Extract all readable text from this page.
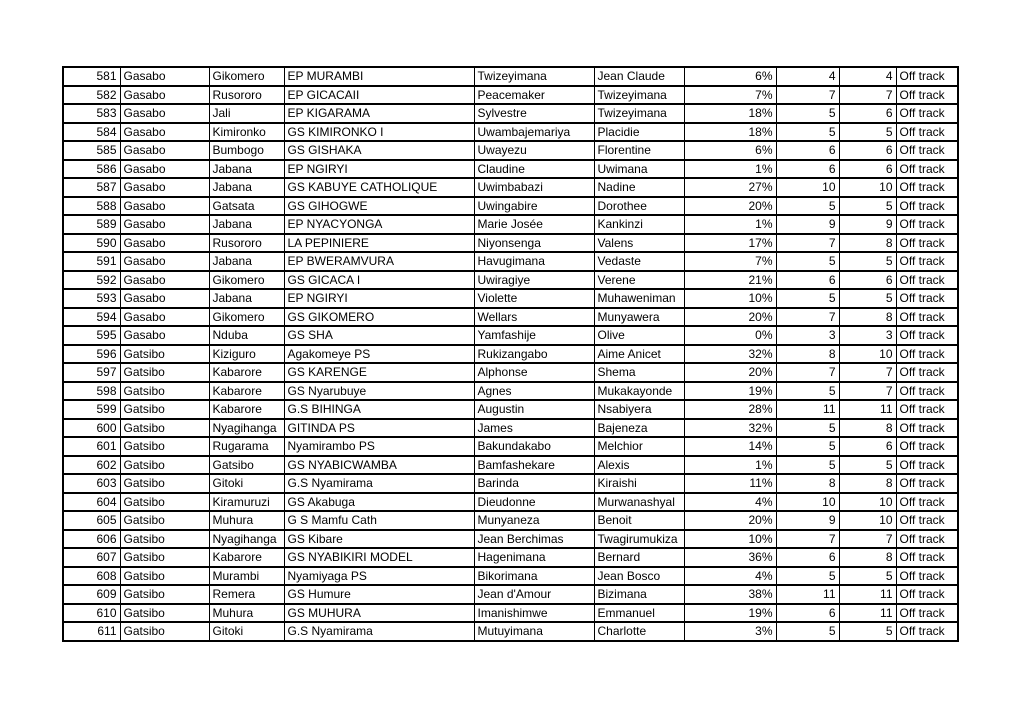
581	Gasabo	Gikomero	EP MURAMBI	Twizeyimana	Jean Claude	6%	4	4	Off track
582	Gasabo	Rusororo	EP GICACAII	Peacemaker	Twizeyimana	7%	7	7	Off track
583	Gasabo	Jali	EP KIGARAMA	Sylvestre	Twizeyimana	18%	5	6	Off track
584	Gasabo	Kimironko	GS KIMIRONKO I	Uwambajemariya	Placidie	18%	5	5	Off track
585	Gasabo	Bumbogo	GS GISHAKA	Uwayezu	Florentine	6%	6	6	Off track
586	Gasabo	Jabana	EP NGIRYI	Claudine	Uwimana	1%	6	6	Off track
587	Gasabo	Jabana	GS KABUYE CATHOLIQUE	Uwimbabazi	Nadine	27%	10	10	Off track
588	Gasabo	Gatsata	GS GIHOGWE	Uwingabire	Dorothee	20%	5	5	Off track
589	Gasabo	Jabana	EP NYACYONGA	Marie Josée	Kankinzi	1%	9	9	Off track
590	Gasabo	Rusororo	LA PEPINIERE	Niyonsenga	Valens	17%	7	8	Off track
591	Gasabo	Jabana	EP BWERAMVURA	Havugimana	Vedaste	7%	5	5	Off track
592	Gasabo	Gikomero	GS GICACA I	Uwiragiye	Verene	21%	6	6	Off track
593	Gasabo	Jabana	EP NGIRYI	Violette	Muhaweniman	10%	5	5	Off track
594	Gasabo	Gikomero	GS GIKOMERO	Wellars	Munyawera	20%	7	8	Off track
595	Gasabo	Nduba	GS SHA	Yamfashije	Olive	0%	3	3	Off track
596	Gatsibo	Kiziguro	Agakomeye PS	Rukizangabo	Aime Anicet	32%	8	10	Off track
597	Gatsibo	Kabarore	GS KARENGE	Alphonse	Shema	20%	7	7	Off track
598	Gatsibo	Kabarore	GS Nyarubuye	Agnes	Mukakayonde	19%	5	7	Off track
599	Gatsibo	Kabarore	G.S BIHINGA	Augustin	Nsabiyera	28%	11	11	Off track
600	Gatsibo	Nyagihanga	GITINDA PS	James	Bajeneza	32%	5	8	Off track
601	Gatsibo	Rugarama	Nyamirambo PS	Bakundakabo	Melchior	14%	5	6	Off track
602	Gatsibo	Gatsibo	GS NYABICWAMBA	Bamfashekare	Alexis	1%	5	5	Off track
603	Gatsibo	Gitoki	G.S Nyamirama	Barinda	Kiraishi	11%	8	8	Off track
604	Gatsibo	Kiramuruzi	GS Akabuga	Dieudonne	Murwanashyal	4%	10	10	Off track
605	Gatsibo	Muhura	G S Mamfu Cath	Munyaneza	Benoit	20%	9	10	Off track
606	Gatsibo	Nyagihanga	GS Kibare	Jean Berchimas	Twagirumukiza	10%	7	7	Off track
607	Gatsibo	Kabarore	GS NYABIKIRI MODEL	Hagenimana	Bernard	36%	6	8	Off track
608	Gatsibo	Murambi	Nyamiyaga PS	Bikorimana	Jean Bosco	4%	5	5	Off track
609	Gatsibo	Remera	GS Humure	Jean d'Amour	Bizimana	38%	11	11	Off track
610	Gatsibo	Muhura	GS MUHURA	Imanishimwe	Emmanuel	19%	6	11	Off track
611	Gatsibo	Gitoki	G.S Nyamirama	Mutuyimana	Charlotte	3%	5	5	Off track
